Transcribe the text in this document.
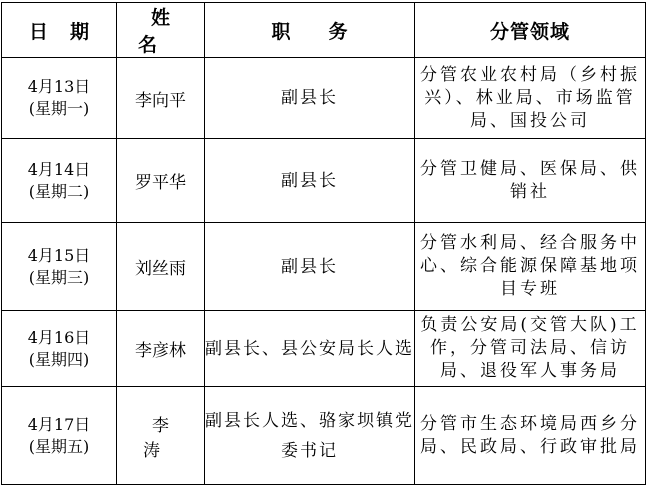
日期	姓名	职务	分管领域

4月13日
(星期一)	李向平	副县长	分管农业农村局（乡村振兴）、林业局、市场监管局、国投公司

4月14日
(星期二)	罗平华	副县长	分管卫健局、医保局、供销社

4月15日
(星期三)	刘丝雨	副县长	分管水利局、经合服务中心、综合能源保障基地项目专班

4月16日
(星期四)	李彦林	副县长、县公安局长人选	负责公安局(交管大队)工作，分管司法局、信访局、退役军人事务局

4月17日
(星期五)	李涛	副县长人选、骆家坝镇党委书记	分管市生态环境局西乡分局、民政局、行政审批局
